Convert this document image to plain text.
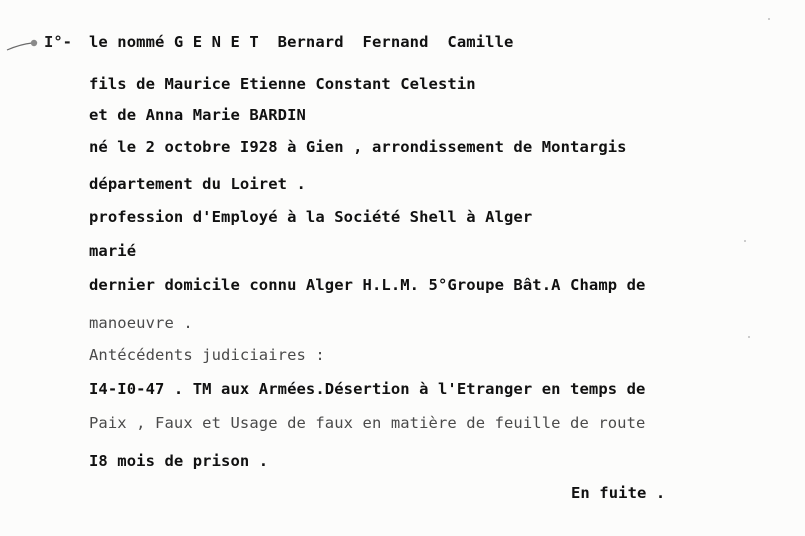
I°- le nommé G E N E T  Bernard  Fernand  Camille
fils de Maurice Etienne Constant Celestin
et de Anna Marie BARDIN
né le 2 octobre I928 à Gien , arrondissement de Montargis
département du Loiret .
profession d'Employé à la Société Shell à Alger
marié
dernier domicile connu Alger H.L.M. 5°Groupe Bât.A Champ de
manoeuvre .
Antécédents judiciaires :
I4-I0-47 . TM aux Armées.Désertion à l'Etranger en temps de
Paix , Faux et Usage de faux en matière de feuille de route
I8 mois de prison .
En fuite .
